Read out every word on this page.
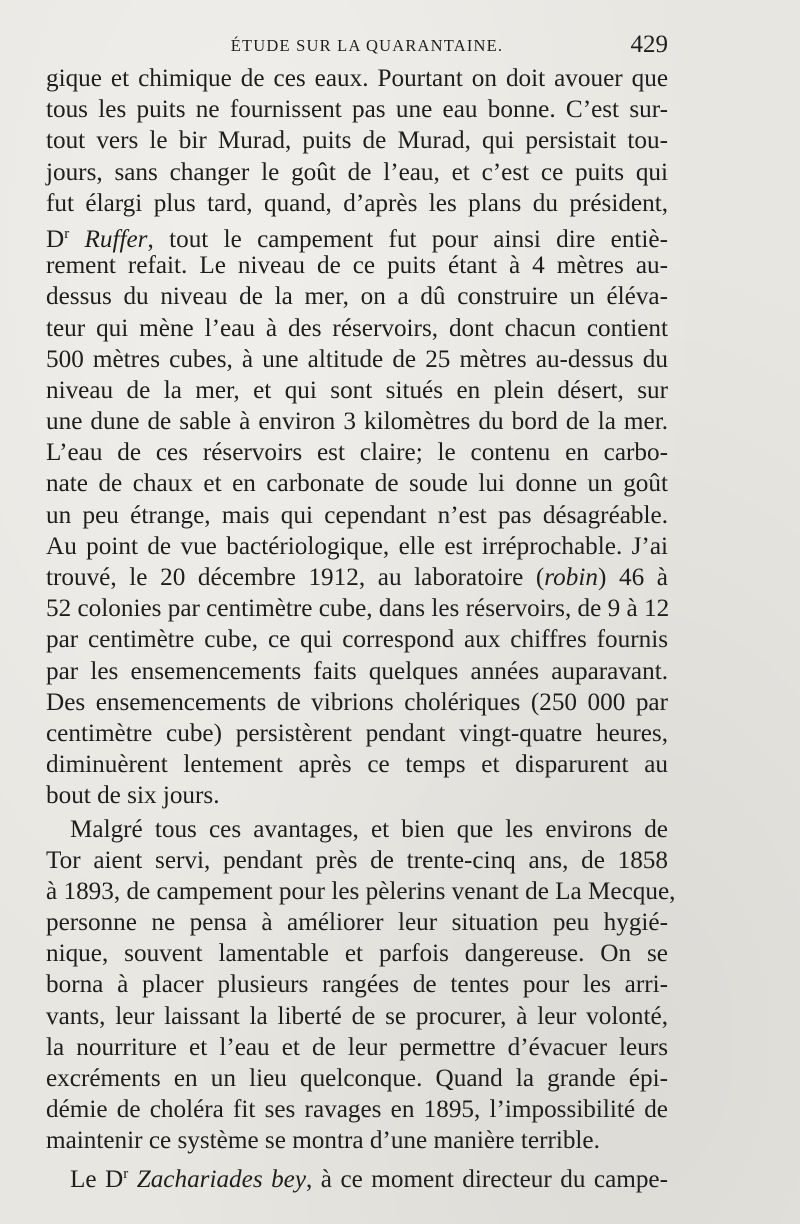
ÉTUDE SUR LA QUARANTAINE.	429
gique et chimique de ces eaux. Pourtant on doit avouer que
tous les puits ne fournissent pas une eau bonne. C’est sur-
tout vers le bir Murad, puits de Murad, qui persistait tou-
jours, sans changer le goût de l’eau, et c’est ce puits qui
fut élargi plus tard, quand, d’après les plans du président,
$D^r$ Ruffer, tout le campement fut pour ainsi dire entiè-
rement refait. Le niveau de ce puits étant à 4 mètres au-
dessus du niveau de la mer, on a dû construire un éléva-
teur qui mène l’eau à des réservoirs, dont chacun contient
500 mètres cubes, à une altitude de 25 mètres au-dessus du
niveau de la mer, et qui sont situés en plein désert, sur
une dune de sable à environ 3 kilomètres du bord de la mer.
L’eau de ces réservoirs est claire; le contenu en carbo-
nate de chaux et en carbonate de soude lui donne un goût
un peu étrange, mais qui cependant n’est pas désagréable.
Au point de vue bactériologique, elle est irréprochable. J’ai
trouvé, le 20 décembre 1912, au laboratoire (robin) 46 à
52 colonies par centimètre cube, dans les réservoirs, de 9 à 12
par centimètre cube, ce qui correspond aux chiffres fournis
par les ensemencements faits quelques années auparavant.
Des ensemencements de vibrions cholériques (250 000 par
centimètre cube) persistèrent pendant vingt-quatre heures,
diminuèrent lentement après ce temps et disparurent au
bout de six jours.
Malgré tous ces avantages, et bien que les environs de
Tor aient servi, pendant près de trente-cinq ans, de 1858
à 1893, de campement pour les pèlerins venant de La Mecque,
personne ne pensa à améliorer leur situation peu hygié-
nique, souvent lamentable et parfois dangereuse. On se
borna à placer plusieurs rangées de tentes pour les arri-
vants, leur laissant la liberté de se procurer, à leur volonté,
la nourriture et l’eau et de leur permettre d’évacuer leurs
excréments en un lieu quelconque. Quand la grande épi-
démie de choléra fit ses ravages en 1895, l’impossibilité de
maintenir ce système se montra d’une manière terrible.
Le $D^r$ Zachariades bey, à ce moment directeur du campe-
